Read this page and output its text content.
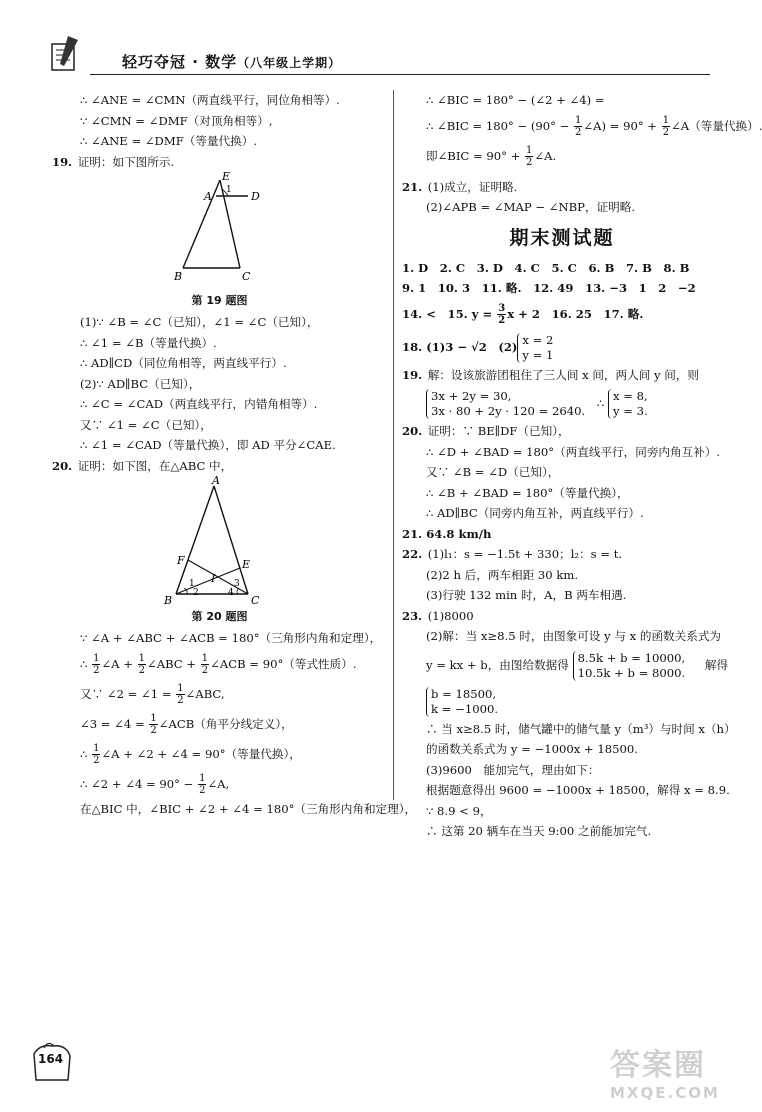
轻巧夺冠 · 数学（八年级上学期）
∴ ∠ANE = ∠CMN（两直线平行，同位角相等）.
∵ ∠CMN = ∠DMF（对顶角相等）,
∴ ∠ANE = ∠DMF（等量代换）.
19. 证明：如下图所示.
E
A 1 D
B	C
第 19 题图
(1)∵ ∠B = ∠C（已知），∠1 = ∠C（已知），
∴ ∠1 = ∠B（等量代换）.
∴ AD∥CD（同位角相等，两直线平行）.
(2)∵ AD∥BC（已知），
∴ ∠C = ∠CAD（两直线平行，内错角相等）.
又∵ ∠1 = ∠C（已知），
∴ ∠1 = ∠CAD（等量代换），即 AD 平分∠CAE.
20. 证明：如下图，在△ABC 中，
A
F	E
I
B	C
1
2
3
4
第 20 题图
∵ ∠A + ∠ABC + ∠ACB = 180°（三角形内角和定理），
∴ $\frac{1}{2}$ ∠A + $\frac{1}{2}$ ∠ABC + $\frac{1}{2}$ ∠ACB = 90°（等式性质）.
又∵ ∠2 = ∠1 = $\frac{1}{2}$ ∠ABC,
∠3 = ∠4 = $\frac{1}{2}$ ∠ACB（角平分线定义），
∴ $\frac{1}{2}$ ∠A + ∠2 + ∠4 = 90°（等量代换），
∴ ∠2 + ∠4 = $90^\circ - \frac{1}{2}$ ∠A,
在△BIC 中，∠BIC + ∠2 + ∠4 = 180°（三角形内角和定理），
∴ ∠BIC = 180° − (∠2 + ∠4) =
∴ ∠BIC = $180^\circ - (90^\circ - \frac{1}{2}$ ∠A) = $90^\circ + \frac{1}{2}$ ∠A（等量代换）.
即∠BIC = $90^\circ + \frac{1}{2}$ ∠A.
21. (1)成立，证明略.
(2)∠APB = ∠MAP − ∠NBP，证明略.
期末测试题
1. D　2. C　3. D　4. C　5. C　6. B　7. B　8. B
9. 1　10. 3　11. 略.　12. 49　13. −3　1　2　−2
14. <　15. $y = \frac{3}{2}$ x + 2　16. 25　17. 略.
18. (1)3 − √2　(2) x = 2
y = 1
19. 解：设该旅游团租住了三人间 x 间，两人间 y 间，则
3x + 2y = 30,
3x · 80 + 2y · 120 = 2640.
∴ x = 8,
y = 3.
20. 证明：∵ BE∥DF（已知），
∴ ∠D + ∠BAD = 180°（两直线平行，同旁内角互补）.
又∵ ∠B = ∠D（已知），
∴ ∠B + ∠BAD = 180°（等量代换），
∴ AD∥BC（同旁内角互补，两直线平行）.
21. 64.8 km/h
22. (1)l₁：s = −1.5t + 330；l₂：s = t.
(2)2 h 后，两车相距 30 km.
(3)行驶 132 min 时，A，B 两车相遇.
23. (1)8000
(2)解：当 x≥8.5 时，由图象可设 y 与 x 的函数关系式为
y = kx + b，由图给数据得 8.5k + b = 10000,
10.5k + b = 8000.
解得
b = 18500,
k = −1000.
∴ 当 x≥8.5 时，储气罐中的储气量 y（m³）与时间 x（h）
的函数关系式为 y = −1000x + 18500.
(3)9600　能加完气，理由如下：
根据题意得出 9600 = −1000x + 18500，解得 x = 8.9.
∵ 8.9 < 9，
∴ 这第 20 辆车在当天 9:00 之前能加完气.
164	答案圈
MXQE.COM
